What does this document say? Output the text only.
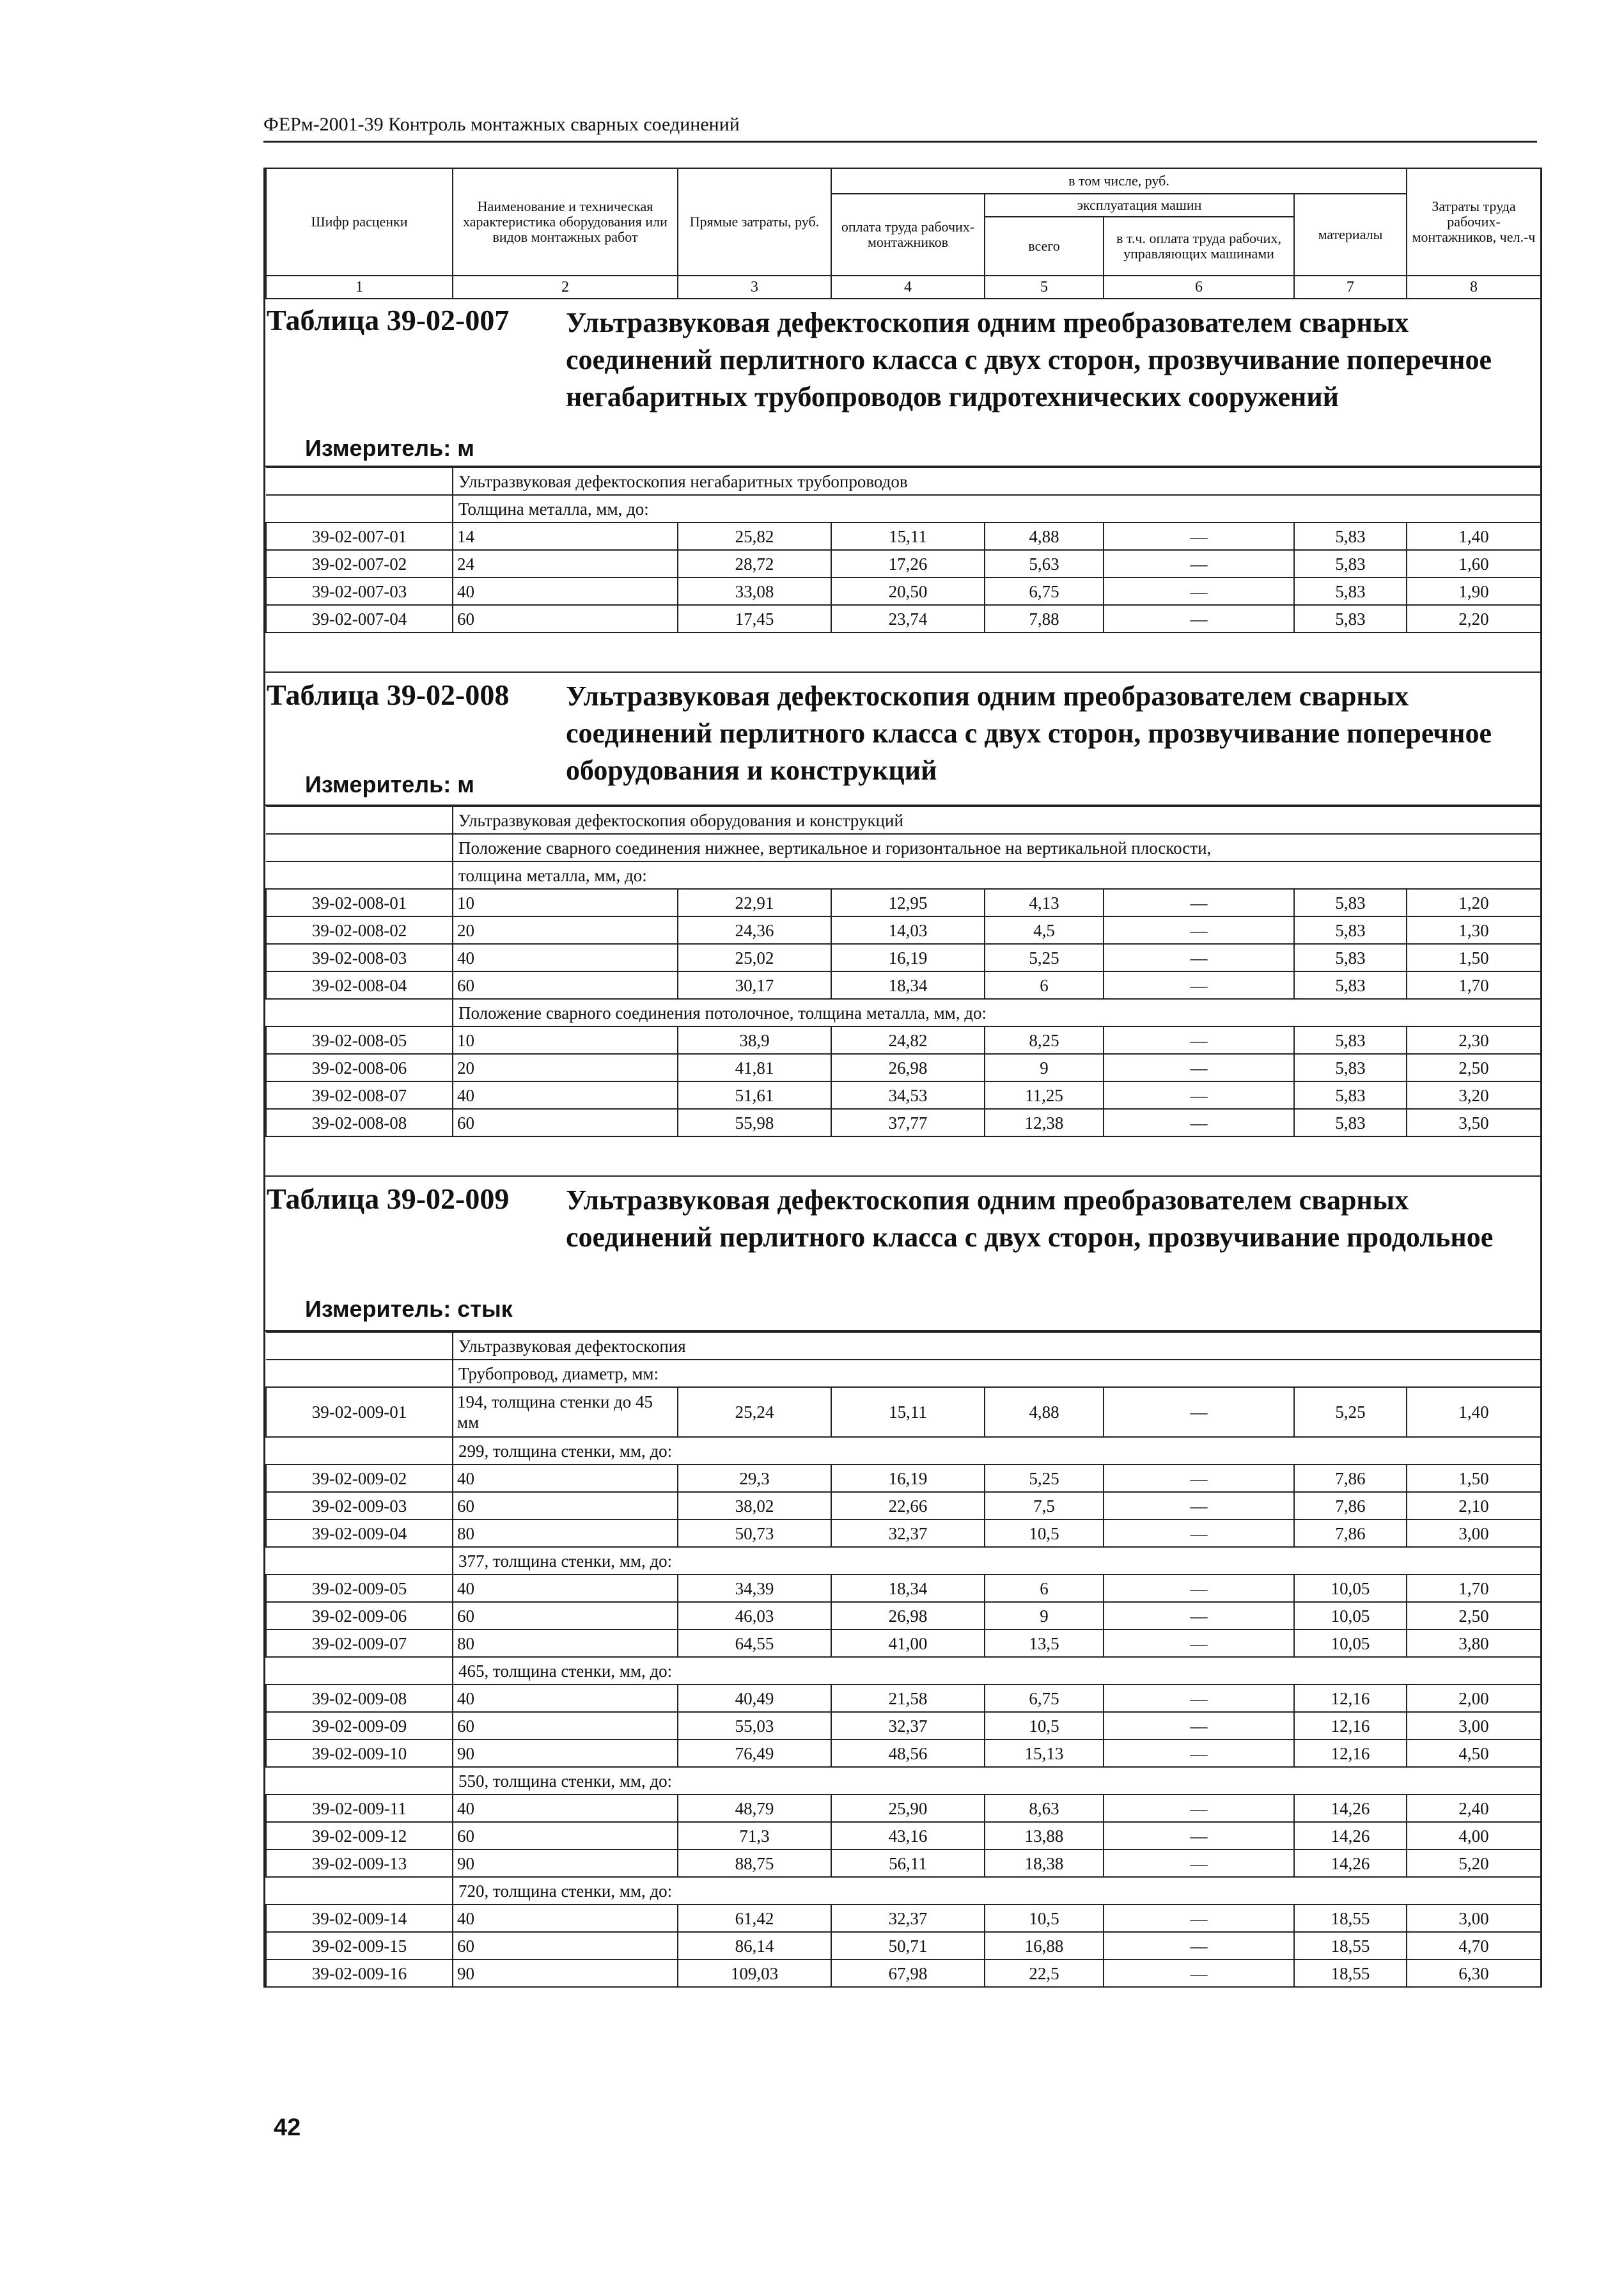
ФЕРм-2001-39 Контроль монтажных сварных соединений
Шифр расценки	Наименование и техническая характеристика оборудования или видов монтажных работ	Прямые затраты, руб.	в том числе, руб.				Затраты труда рабочих-монтажников, чел.-ч
			оплата труда рабочих-монтажников	эксплуатация машин		материалы	
				всего	в т.ч. оплата труда рабочих, управляющих машинами		
1	2	3	4	5	6	7	8
Таблица 39-02-007 Ультразвуковая дефектоскопия одним преобразователем сварных соединений перлитного класса с двух сторон, прозвучивание поперечное негабаритных трубопроводов гидротехнических сооружений
Измеритель: м
	Ультразвуковая дефектоскопия негабаритных трубопроводов						
	Толщина металла, мм, до:						
39-02-007-01	14	25,82	15,11	4,88	—	5,83	1,40
39-02-007-02	24	28,72	17,26	5,63	—	5,83	1,60
39-02-007-03	40	33,08	20,50	6,75	—	5,83	1,90
39-02-007-04	60	17,45	23,74	7,88	—	5,83	2,20
Таблица 39-02-008 Ультразвуковая дефектоскопия одним преобразователем сварных соединений перлитного класса с двух сторон, прозвучивание поперечное оборудования и конструкций
Измеритель: м
	Ультразвуковая дефектоскопия оборудования и конструкций						
	Положение сварного соединения нижнее, вертикальное и горизонтальное на вертикальной плоскости,						
	толщина металла, мм, до:						
39-02-008-01	10	22,91	12,95	4,13	—	5,83	1,20
39-02-008-02	20	24,36	14,03	4,5	—	5,83	1,30
39-02-008-03	40	25,02	16,19	5,25	—	5,83	1,50
39-02-008-04	60	30,17	18,34	6	—	5,83	1,70
	Положение сварного соединения потолочное, толщина металла, мм, до:						
39-02-008-05	10	38,9	24,82	8,25	—	5,83	2,30
39-02-008-06	20	41,81	26,98	9	—	5,83	2,50
39-02-008-07	40	51,61	34,53	11,25	—	5,83	3,20
39-02-008-08	60	55,98	37,77	12,38	—	5,83	3,50
Таблица 39-02-009 Ультразвуковая дефектоскопия одним преобразователем сварных соединений перлитного класса с двух сторон, прозвучивание продольное
Измеритель: стык
	Ультразвуковая дефектоскопия						
	Трубопровод, диаметр, мм:						
39-02-009-01	194, толщина стенки до 45 мм	25,24	15,11	4,88	—	5,25	1,40
	299, толщина стенки, мм, до:						
39-02-009-02	40	29,3	16,19	5,25	—	7,86	1,50
39-02-009-03	60	38,02	22,66	7,5	—	7,86	2,10
39-02-009-04	80	50,73	32,37	10,5	—	7,86	3,00
	377, толщина стенки, мм, до:						
39-02-009-05	40	34,39	18,34	6	—	10,05	1,70
39-02-009-06	60	46,03	26,98	9	—	10,05	2,50
39-02-009-07	80	64,55	41,00	13,5	—	10,05	3,80
	465, толщина стенки, мм, до:						
39-02-009-08	40	40,49	21,58	6,75	—	12,16	2,00
39-02-009-09	60	55,03	32,37	10,5	—	12,16	3,00
39-02-009-10	90	76,49	48,56	15,13	—	12,16	4,50
	550, толщина стенки, мм, до:						
39-02-009-11	40	48,79	25,90	8,63	—	14,26	2,40
39-02-009-12	60	71,3	43,16	13,88	—	14,26	4,00
39-02-009-13	90	88,75	56,11	18,38	—	14,26	5,20
	720, толщина стенки, мм, до:						
39-02-009-14	40	61,42	32,37	10,5	—	18,55	3,00
39-02-009-15	60	86,14	50,71	16,88	—	18,55	4,70
39-02-009-16	90	109,03	67,98	22,5	—	18,55	6,30
42
